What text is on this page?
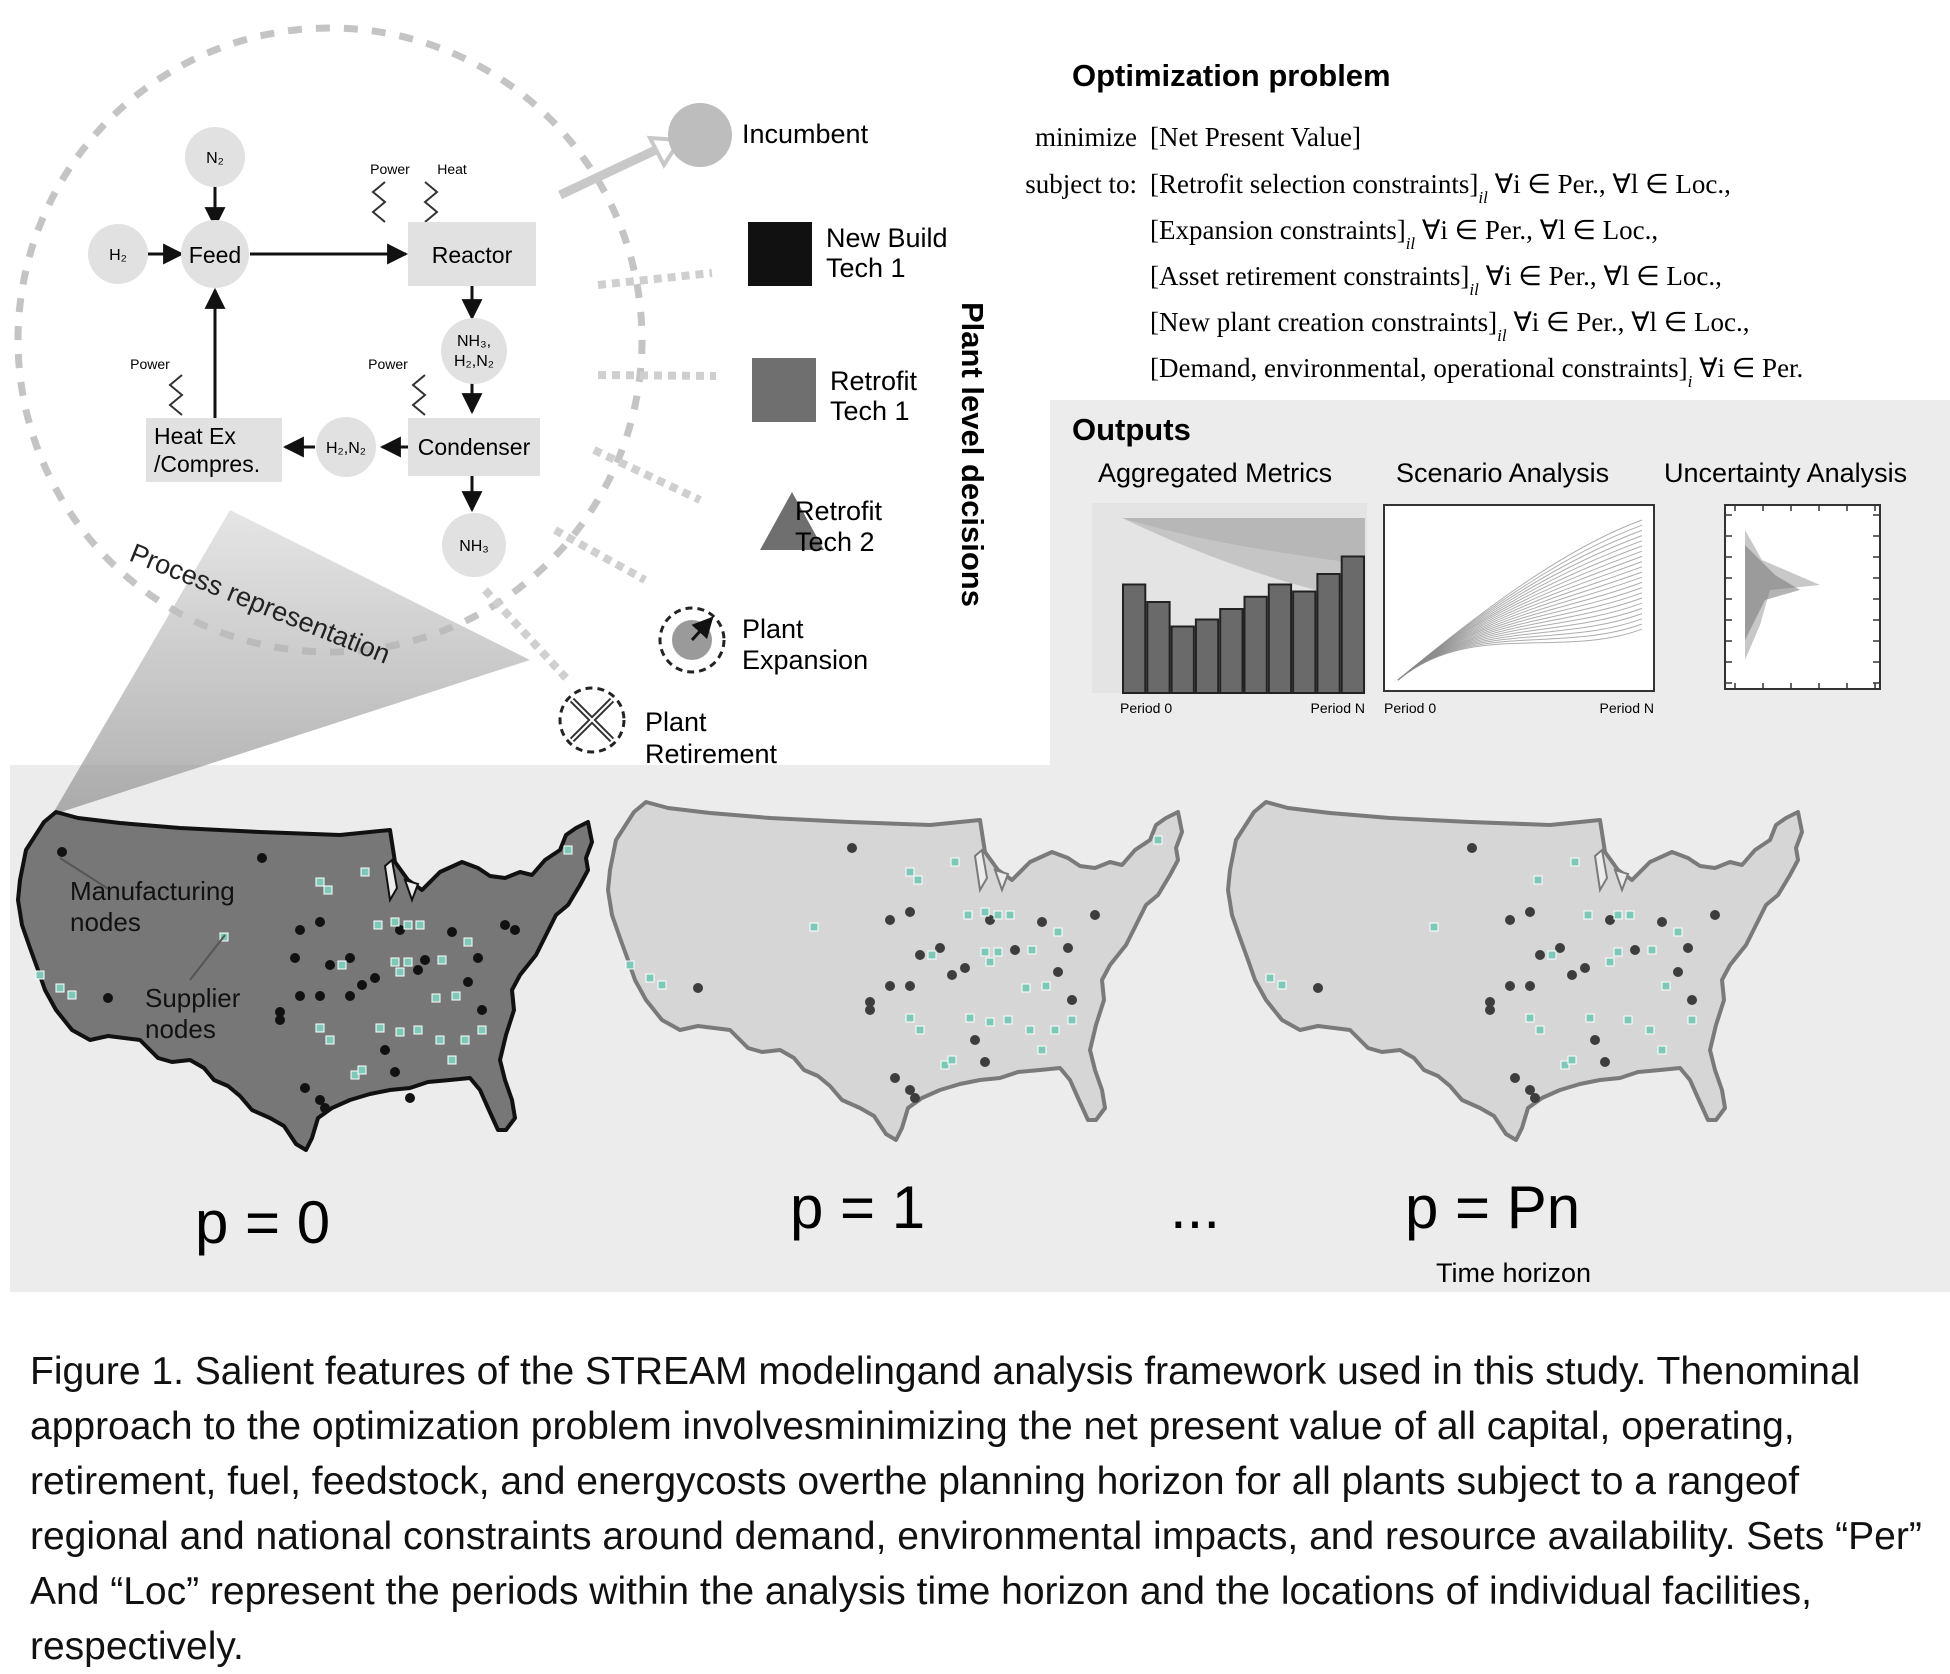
N₂
H₂	Feed	Reactor
NH₃,
H₂,N₂
Condenser
H₂,N₂
Heat Ex
/Compres.
NH₃
Power Heat
Power	Power
Process representation
Incumbent
New Build
Tech 1
Retrofit
Tech 1
Retrofit
Tech 2
Plant
Expansion
Plant
Retirement
Plant level decisions
Optimization problem
minimize [Net Present Value]
subject to: [Retrofit selection $constraints]_{il}$ ∀i ∈ Per., ∀l ∈ Loc.,
[Expansion $constraints]_{il}$ ∀i ∈ Per., ∀l ∈ Loc.,
[Asset retirement $constraints]_{il}$ ∀i ∈ Per., ∀l ∈ Loc.,
[New plant creation $constraints]_{il}$ ∀i ∈ Per., ∀l ∈ Loc.,
[Demand, environmental, operational $constraints]_i$ ∀i ∈ Per.
Outputs
Aggregated Metrics Scenario Analysis Uncertainty Analysis
Period 0	Period N Period 0	Period N
Manufacturing
nodes
Supplier
nodes
p = 0	p = 1	...	p = Pn
Time horizon

Figure 1. Salient features of the STREAM modelingand analysis framework used in this study. Thenominal approach to the optimization problem involvesminimizing the net present value of all capital, operating, retirement, fuel, feedstock, and energycosts overthe planning horizon for all plants subject to a rangeof regional and national constraints around demand, environmental impacts, and resource availability. Sets “Per” And “Loc” represent the periods within the analysis time horizon and the locations of individual facilities, respectively.
